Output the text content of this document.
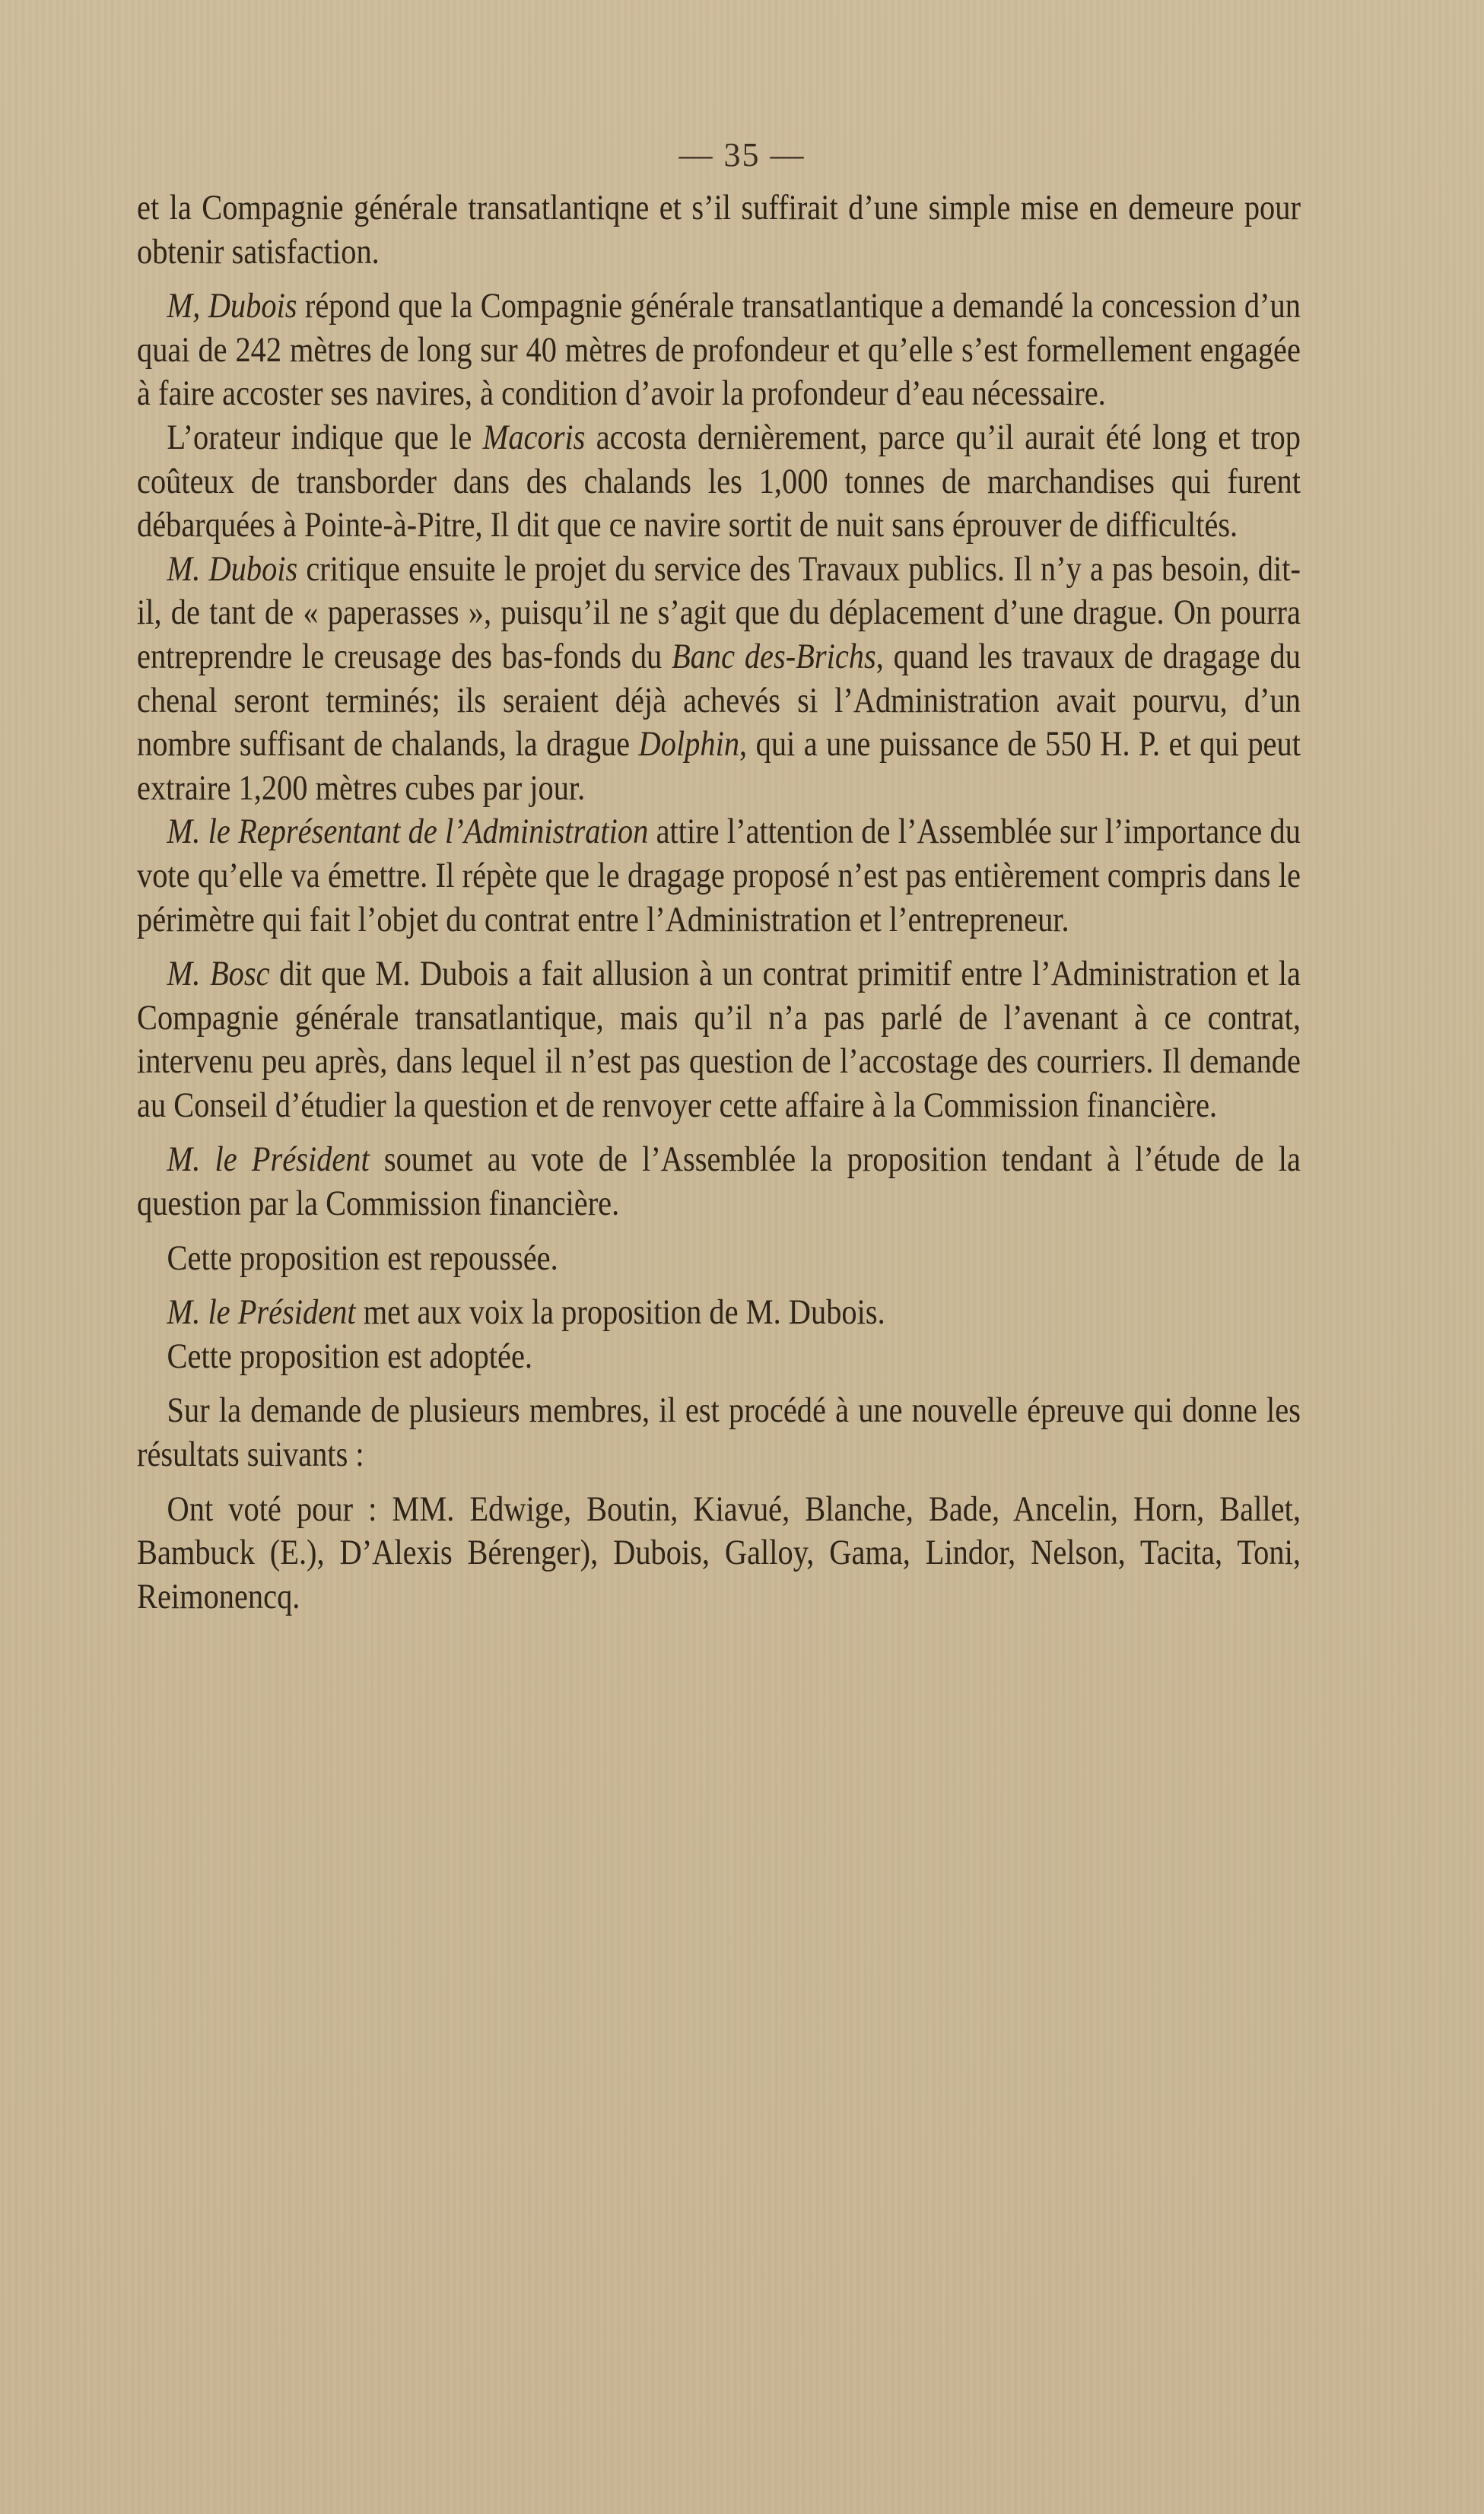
— 35 —

et la Compagnie générale transatlantiqne et s’il suffirait d’une simple mise en demeure pour obtenir satisfaction.

M, Dubois répond que la Compagnie générale transatlantique a demandé la concession d’un quai de 242 mètres de long sur 40 mètres de profondeur et qu’elle s’est formellement engagée à faire accoster ses navires, à condition d’avoir la profondeur d’eau nécessaire.

L’orateur indique que le Macoris accosta dernièrement, parce qu’il aurait été long et trop coûteux de transborder dans des chalands les 1,000 tonnes de marchandises qui furent débarquées à Pointe-à-Pitre, Il dit que ce navire sortit de nuit sans éprouver de difficultés.

M. Dubois critique ensuite le projet du service des Travaux publics. Il n’y a pas besoin, dit-il, de tant de « paperasses », puisqu’il ne s’agit que du déplacement d’une drague. On pourra entreprendre le creusage des bas-fonds du Banc des-Brichs, quand les travaux de dragage du chenal seront terminés; ils seraient déjà achevés si l’Administration avait pourvu, d’un nombre suffisant de chalands, la drague Dolphin, qui a une puissance de 550 H. P. et qui peut extraire 1,200 mètres cubes par jour.

M. le Représentant de l’Administration attire l’attention de l’Assemblée sur l’importance du vote qu’elle va émettre. Il répète que le dragage proposé n’est pas entièrement compris dans le périmètre qui fait l’objet du contrat entre l’Administration et l’entrepreneur.

M. Bosc dit que M. Dubois a fait allusion à un contrat primitif entre l’Administration et la Compagnie générale transatlantique, mais qu’il n’a pas parlé de l’avenant à ce contrat, intervenu peu après, dans lequel il n’est pas question de l’accostage des courriers. Il demande au Conseil d’étudier la question et de renvoyer cette affaire à la Commission financière.

M. le Président soumet au vote de l’Assemblée la proposition tendant à l’étude de la question par la Commission financière.

Cette proposition est repoussée.

M. le Président met aux voix la proposition de M. Dubois.

Cette proposition est adoptée.

Sur la demande de plusieurs membres, il est procédé à une nouvelle épreuve qui donne les résultats suivants :

Ont voté pour : MM. Edwige, Boutin, Kiavué, Blanche, Bade, Ancelin, Horn, Ballet, Bambuck (E.), D’Alexis Bérenger), Dubois, Galloy, Gama, Lindor, Nelson, Tacita, Toni, Reimonencq.
